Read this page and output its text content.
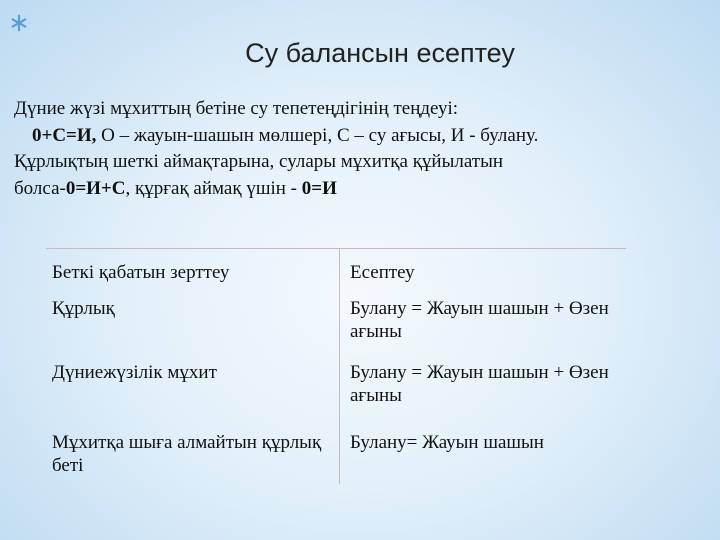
Су балансын есептеу

Дүние жүзі мұхиттың бетіне су тепетеңдігінің теңдеуі:

0+С=И, О – жауын-шашын мөлшері, С – су ағысы, И - булану.

Құрлықтың шеткі аймақтарына, сулары мұхитқа құйылатын

болса-0=И+С, құрғақ аймақ үшін - 0=И

Беткі қабатын зерттеу	Есептеу
Құрлық	Булану = Жауын шашын + Өзен ағыны
Дүниежүзілік мұхит	Булану = Жауын шашын + Өзен ағыны
Мұхитқа шыға алмайтын құрлық беті	Булану= Жауын шашын
